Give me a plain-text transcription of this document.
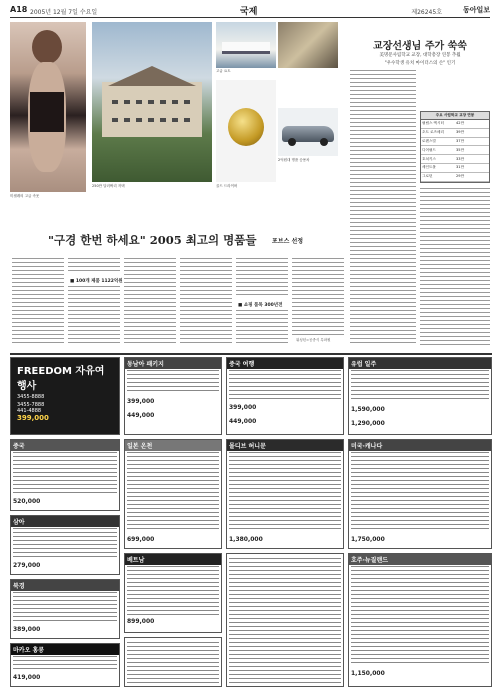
A18 2005년 12월 7일 수요일	국제	제26245호	동아일보
미셀레의 고급 속옷
250만 달러짜리 저택
고급 요트
골드 드라이버
2억원대 명품 승용차
교장선생님 주가 쑥쑥
美명문사립학교 교장, 대학총장 연봉 추월
"우수학생 유치 마이더스의 손" 인기
주요 사립학교 교장 연봉
필립스 엑시터	42만
초트 로즈메리	39만
로렌스빌	37만
디어필드	35만
호치키스	33만
세인트폴	31만
그로턴	29만
"구경 한번 하세요" 2005 최고의 명품들	포브스 선정
■ 100개 제품 1122억원
■ 쇼핑 품목 300년전
워싱턴=공종식 특파원
FREEDOM 자유여행사
3455-8888
3455-7888
441-4888
399,000
동남아 패키지
399,000
449,000
중국 여행
399,000
449,000
유럽 일주
1,590,000
1,290,000
중국
520,000
일본 온천
699,000
몰디브 허니문
1,380,000
미국·캐나다
1,750,000
삼아
279,000
베트남
899,000
호주·뉴질랜드
1,150,000
북경
389,000
마카오 홍콩
419,000
